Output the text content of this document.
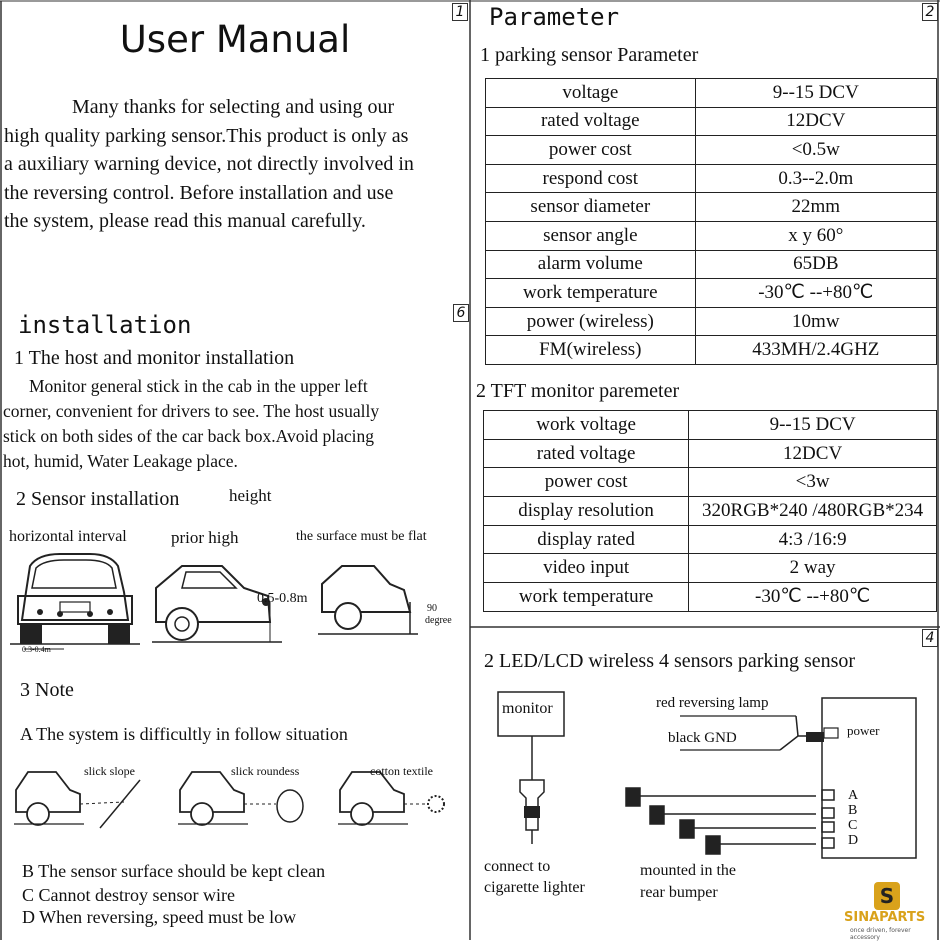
1	2
6
4
User Manual
Many thanks for selecting and using our
high quality parking sensor.This product is only as
a auxiliary warning device, not directly involved in
the reversing control. Before installation and use
the system, please read this manual carefully.
installation
1 The host and monitor installation
Monitor general stick in the cab in the upper left
corner, convenient for drivers to see. The host usually
stick on both sides of the car back box.Avoid placing
hot, humid, Water Leakage place.
2 Sensor installation	height
horizontal interval	prior high	the surface must be flat
0.3-0.4m
0.5-0.8m
90
degree
3 Note
A The system is difficultly in follow situation
slick slope	slick roundess	cotton textile
B The sensor surface should be kept clean
C Cannot destroy sensor wire
D When reversing, speed must be low
Parameter
1 parking sensor Parameter
voltage	9--15 DCV
rated voltage	12DCV
power cost	<0.5w
respond cost	0.3--2.0m
sensor diameter	22mm
sensor angle	x y 60°
alarm volume	65DB
work temperature	-30℃ --+80℃
power (wireless)	10mw
FM(wireless)	433MH/2.4GHZ
2 TFT monitor paremeter
work voltage	9--15 DCV
rated voltage	12DCV
power cost	<3w
display resolution	320RGB*240 /480RGB*234
display rated	4:3 /16:9
video input	2 way
work temperature	-30℃ --+80℃
2 LED/LCD wireless 4 sensors parking sensor
monitor	red reversing lamp
black GND	power
A
B
C
D
connect to
cigarette lighter
mounted in the
rear bumper	S
SINAPARTS
once driven, forever accessory
